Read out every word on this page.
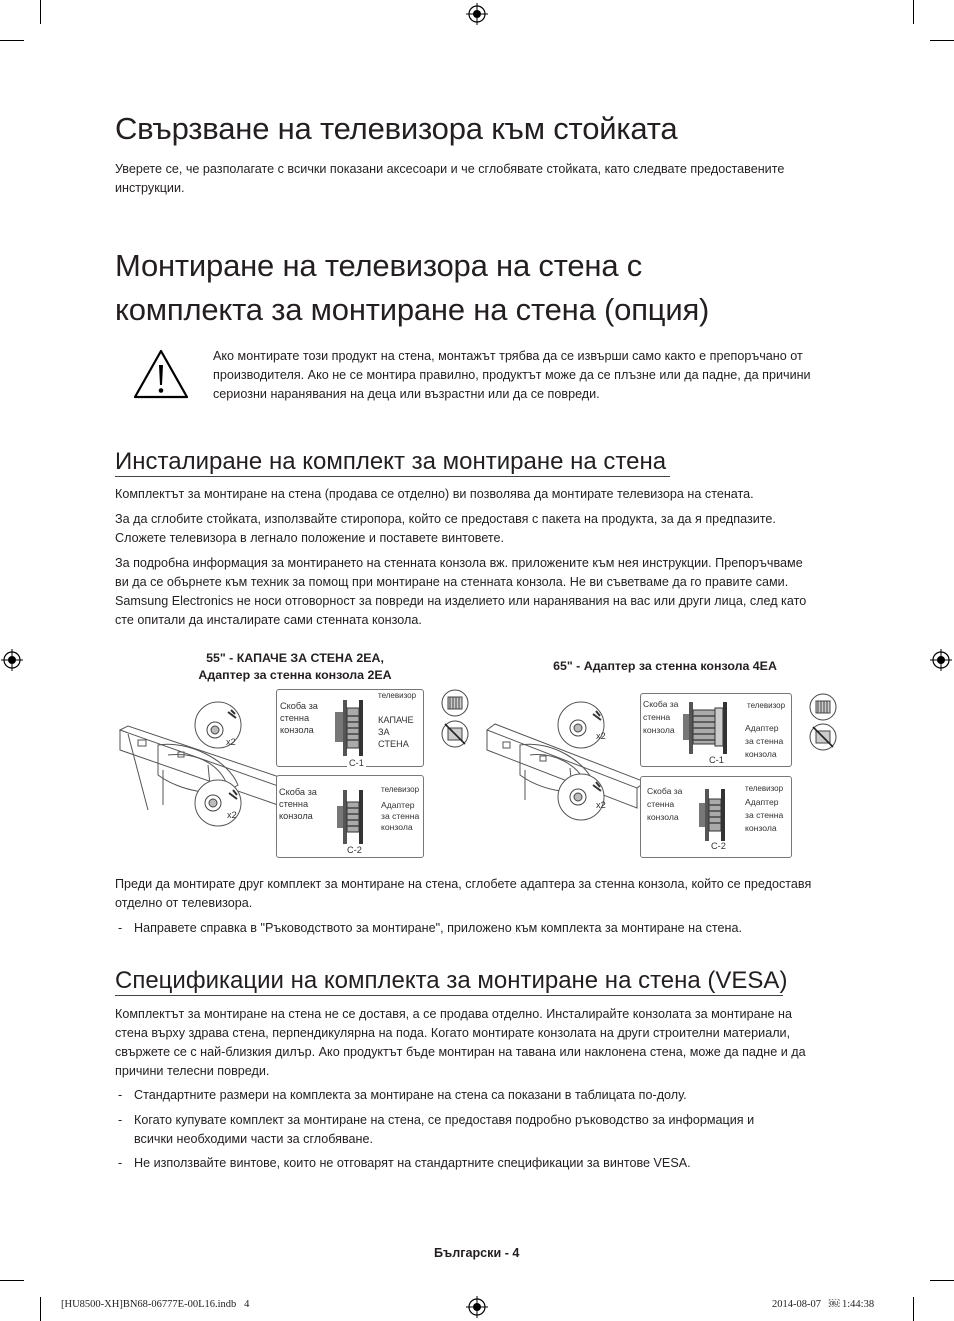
Свързване на телевизора към стойката

Уверете се, че разполагате с всички показани аксесоари и че сглобявате стойката, като следвате предоставените

инструкции.

Монтиране на телевизора на стена с
комплекта за монтиране на стена (опция)

Ако монтирате този продукт на стена, монтажът трябва да се извърши само както е препоръчано от

производителя. Ако не се монтира правилно, продуктът може да се плъзне или да падне, да причини

сериозни наранявания на деца или възрастни или да се повреди.

Инсталиране на комплект за монтиране на стена

Комплектът за монтиране на стена (продава се отделно) ви позволява да монтирате телевизора на стената.

За да сглобите стойката, използвайте стиропора, който се предоставя с пакета на продукта, за да я предпазите.

Сложете телевизора в легнало положение и поставете винтовете.

За подробна информация за монтирането на стенната конзола вж. приложените към нея инструкции. Препоръчваме

ви да се обърнете към техник за помощ при монтиране на стенната конзола. Не ви съветваме да го правите сами.

Samsung Electronics не носи отговорност за повреди на изделието или наранявания на вас или други лица, след като

сте опитали да инсталирате сами стенната конзола.

55" - КАПАЧЕ ЗА СТЕНА 2EA,
Адаптер за стенна конзола 2EA
65" - Адаптер за стенна конзола 4EA
x2
x2
Скоба за
стенна
конзола
телевизор
КАПАЧЕ
ЗА
СТЕНА
C-1
Скоба за
стенна
конзола
телевизор
Адаптер
за стенна
конзола
C-2
x2
x2
Скоба за
стенна
конзола
телевизор
Адаптер
за стенна
конзола
C-1
Скоба за
стенна
конзола
телевизор
Адаптер
за стенна
конзола
C-2

Преди да монтирате друг комплект за монтиране на стена, сглобете адаптера за стенна конзола, който се предоставя

отделно от телевизора.

- Направете справка в "Ръководството за монтиране", приложено към комплекта за монтиране на стена.
Спецификации на комплекта за монтиране на стена (VESA)

Комплектът за монтиране на стена не се доставя, а се продава отделно. Инсталирайте конзолата за монтиране на

стена върху здрава стена, перпендикулярна на пода. Когато монтирате конзолата на други строителни материали,

свържете се с най-близкия дилър. Ако продуктът бъде монтиран на тавана или наклонена стена, може да падне и да

причини телесни повреди.

- Стандартните размери на комплекта за монтиране на стена са показани в таблицата по-долу.
- Когато купувате комплект за монтиране на стена, се предоставя подробно ръководство за информация и
всички необходими части за сглобяване.
- Не използвайте винтове, които не отговарят на стандартните спецификации за винтове VESA.
Български - 4
[HU8500-XH]BN68-06777E-00L16.indb   4	2014-08-07   ￼ 1:44:38
